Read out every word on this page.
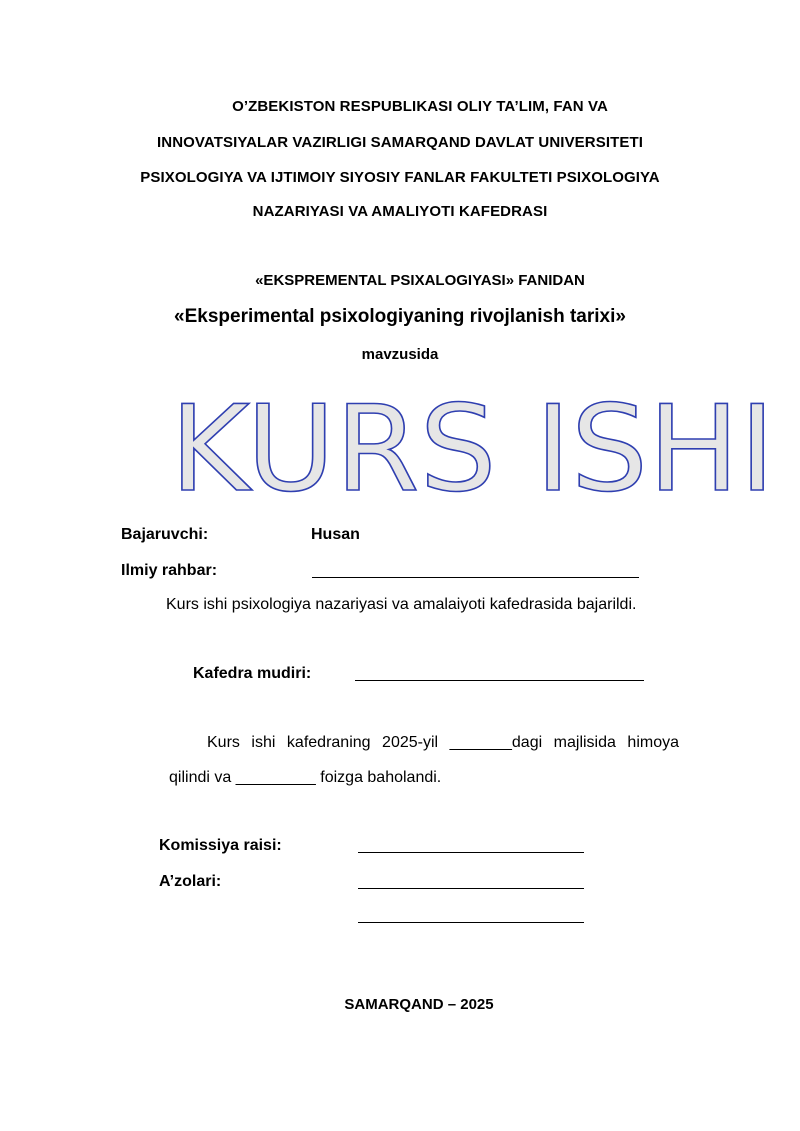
O’ZBEKISTON RESPUBLIKASI OLIY TA’LIM, FAN VA
INNOVATSIYALAR VAZIRLIGI SAMARQAND DAVLAT UNIVERSITETI
PSIXOLOGIYA VA IJTIMOIY SIYOSIY FANLAR FAKULTETI PSIXOLOGIYA
NAZARIYASI VA AMALIYOTI KAFEDRASI
«EKSPREMENTAL PSIXALOGIYASI» FANIDAN
«Eksperimental psixologiyaning rivojlanish tarixi»
mavzusida
KURS ISHI
Bajaruvchi:	Husan
Ilmiy rahbar:
Kurs ishi psixologiya nazariyasi va amalaiyoti kafedrasida bajarildi.
Kafedra mudiri:
Kurs ishi kafedraning 2025-yil _______dagi majlisida himoya
qilindi va _________ foizga baholandi.
Komissiya raisi:
A’zolari:
SAMARQAND – 2025
